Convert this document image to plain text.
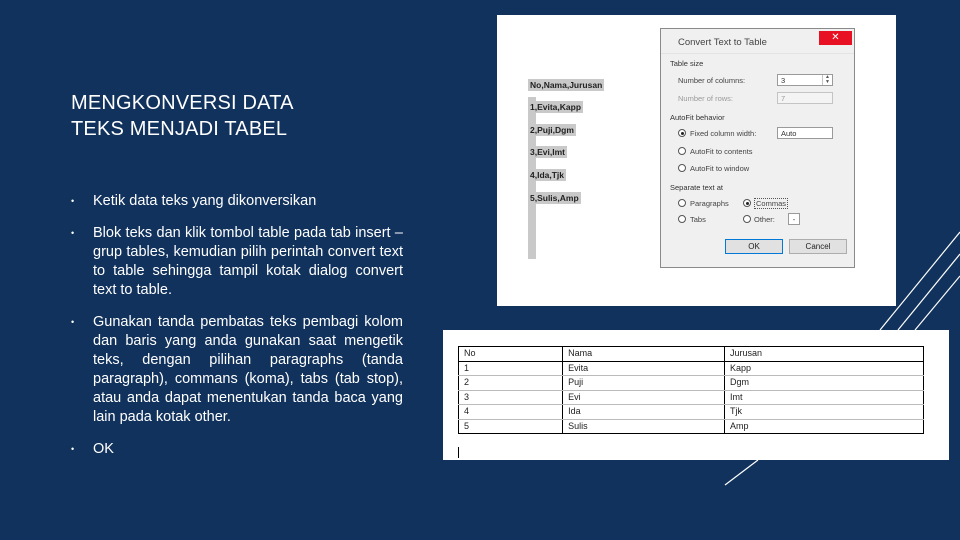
MENGKONVERSI DATA
TEKS MENJADI TABEL
• Ketik data teks yang dikonversikan
• Blok teks dan klik tombol table pada tab insert – grup tables, kemudian pilih perintah convert text to table sehingga tampil kotak dialog convert text to table.
• Gunakan tanda pembatas teks pembagi kolom dan baris yang anda gunakan saat mengetik teks, dengan pilihan paragraphs (tanda paragraph), commans (koma), tabs (tab stop), atau anda dapat menentukan tanda baca yang lain pada kotak other.
• OK
No,Nama,Jurusan
1,Evita,Kapp
2,Puji,Dgm
3,Evi,Imt
4,Ida,Tjk
5,Sulis,Amp
Convert Text to Table	✕
Table size
Number of columns:	3	▲
▼
Number of rows:	7
AutoFit behavior
Fixed column width:	Auto
AutoFit to contents
AutoFit to window
Separate text at
Paragraphs	Commas
Tabs	Other:	-
OK	Cancel
No	Nama	Jurusan
1	Evita	Kapp
2	Puji	Dgm
3	Evi	Imt
4	Ida	Tjk
5	Sulis	Amp
